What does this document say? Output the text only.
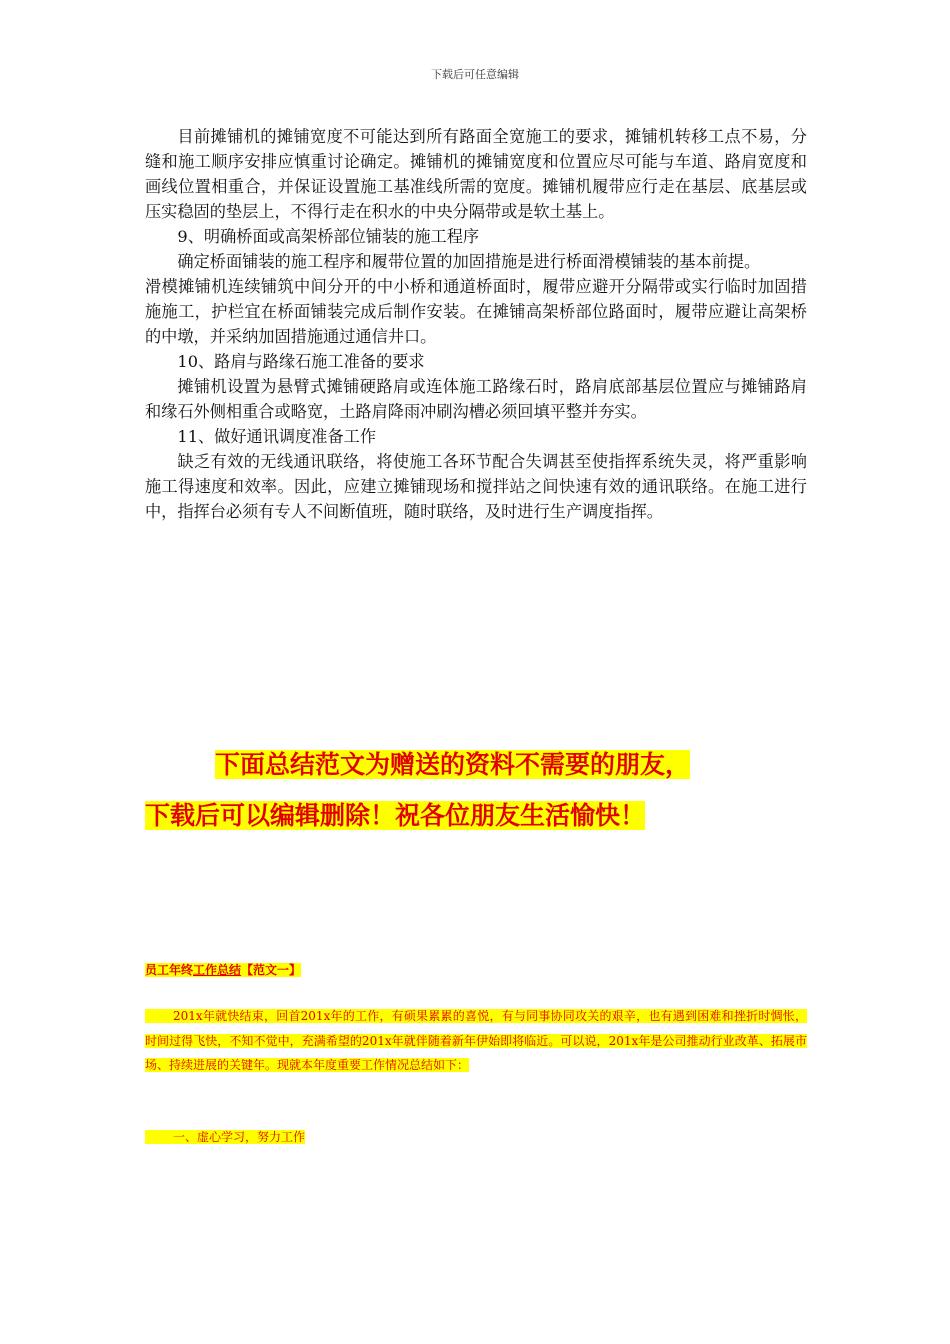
下载后可任意编辑

目前摊铺机的摊铺宽度不可能达到所有路面全宽施工的要求，摊铺机转移工点不易，分缝和施工顺序安排应慎重讨论确定。摊铺机的摊铺宽度和位置应尽可能与车道、路肩宽度和画线位置相重合，并保证设置施工基准线所需的宽度。摊铺机履带应行走在基层、底基层或压实稳固的垫层上，不得行走在积水的中央分隔带或是软土基上。

9、明确桥面或高架桥部位铺装的施工程序

确定桥面铺装的施工程序和履带位置的加固措施是进行桥面滑模铺装的基本前提。

滑模摊铺机连续铺筑中间分开的中小桥和通道桥面时，履带应避开分隔带或实行临时加固措施施工，护栏宜在桥面铺装完成后制作安装。在摊铺高架桥部位路面时，履带应避让高架桥的中墩，并采纳加固措施通过通信井口。

10、路肩与路缘石施工准备的要求

摊铺机设置为悬臂式摊铺硬路肩或连体施工路缘石时，路肩底部基层位置应与摊铺路肩和缘石外侧相重合或略宽，土路肩降雨冲刷沟槽必须回填平整并夯实。

11、做好通讯调度准备工作

缺乏有效的无线通讯联络，将使施工各环节配合失调甚至使指挥系统失灵，将严重影响施工得速度和效率。因此，应建立摊铺现场和搅拌站之间快速有效的通讯联络。在施工进行中，指挥台必须有专人不间断值班，随时联络，及时进行生产调度指挥。

下面总结范文为赠送的资料不需要的朋友，
下载后可以编辑删除！祝各位朋友生活愉快！
员工年终工作总结【范文一】
201x年就快结束，回首201x年的工作，有硕果累累的喜悦，有与同事协同攻关的艰辛，也有遇到困难和挫折时惆怅，时间过得飞快，不知不觉中，充满希望的201x年就伴随着新年伊始即将临近。可以说，201x年是公司推动行业改革、拓展市场、持续进展的关键年。现就本年度重要工作情况总结如下：
一、虚心学习，努力工作
